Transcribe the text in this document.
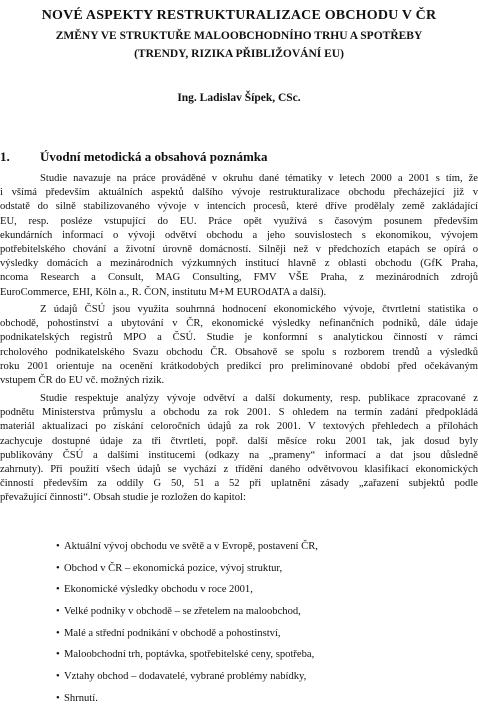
NOVÉ ASPEKTY RESTRUKTURALIZACE OBCHODU V ČR
ZMĚNY VE STRUKTUŘE MALOOBCHODNÍHO TRHU A SPOTŘEBY
(TRENDY, RIZIKA PŘIBLIŽOVÁNÍ EU)
Ing. Ladislav Šípek, CSc.
1. Úvodní metodická a obsahová poznámka
Studie navazuje na práce prováděné v okruhu dané tématiky v letech 2000 a 2001 s tím, že
i všímá především aktuálních aspektů dalšího vývoje restrukturalizace obchodu přecházející již v
odstatě do silně stabilizovaného vývoje v intencích procesů, které dříve prodělaly země zakládající
EU, resp. posléze vstupující do EU. Práce opět využívá s časovým posunem především
ekundárních informací o vývoji odvětví obchodu a jeho souvislostech s ekonomikou, vývojem
potřebitelského chování a životní úrovně domácností. Silněji než v předchozích etapách se opírá o
výsledky domácích a mezinárodních výzkumných institucí hlavně z oblasti obchodu (GfK Praha,
ncoma Research a Consult, MAG Consulting, FMV VŠE Praha, z mezinárodních zdrojů
EuroCommerce, EHI, Köln a., R. ČON, institutu M+M EUROdATA a další).
Z údajů ČSÚ jsou využita souhrnná hodnocení ekonomického vývoje, čtvrtletní statistika o
obchodě, pohostinství a ubytování v ČR, ekonomické výsledky nefinančních podniků, dále údaje
podnikatelských registrů MPO a ČSÚ. Studie je konformní s analytickou činností v rámci
rcholového podnikatelského Svazu obchodu ČR. Obsahově se spolu s rozborem trendů a výsledků
roku 2001 orientuje na ocenění krátkodobých predikcí pro preliminované období před očekávaným
vstupem ČR do EU vč. možných rizik.
Studie respektuje analýzy vývoje odvětví a další dokumenty, resp. publikace zpracované z
podnětu Ministerstva průmyslu a obchodu za rok 2001. S ohledem na termín zadání předpokládá
materiál aktualizaci po získání celoročních údajů za rok 2001. V textových přehledech a přílohách
zachycuje dostupné údaje za tři čtvrtletí, popř. další měsíce roku 2001 tak, jak dosud byly
publikovány ČSÚ a dalšími institucemi (odkazy na „prameny“ informací a dat jsou důsledně
zahrnuty). Při použití všech údajů se vychází z třídění daného odvětvovou klasifikací ekonomických
činností především za oddíly G 50, 51 a 52 při uplatnění zásady „zařazení subjektů podle
převažující činnosti“. Obsah studie je rozložen do kapitol:
• Aktuální vývoj obchodu ve světě a v Evropě, postavení ČR,
• Obchod v ČR – ekonomická pozice, vývoj struktur,
• Ekonomické výsledky obchodu v roce 2001,
• Velké podniky v obchodě – se zřetelem na maloobchod,
• Malé a střední podnikání v obchodě a pohostinství,
• Maloobchodní trh, poptávka, spotřebitelské ceny, spotřeba,
• Vztahy obchod – dodavatelé, vybrané problémy nabídky,
• Shrnutí.
